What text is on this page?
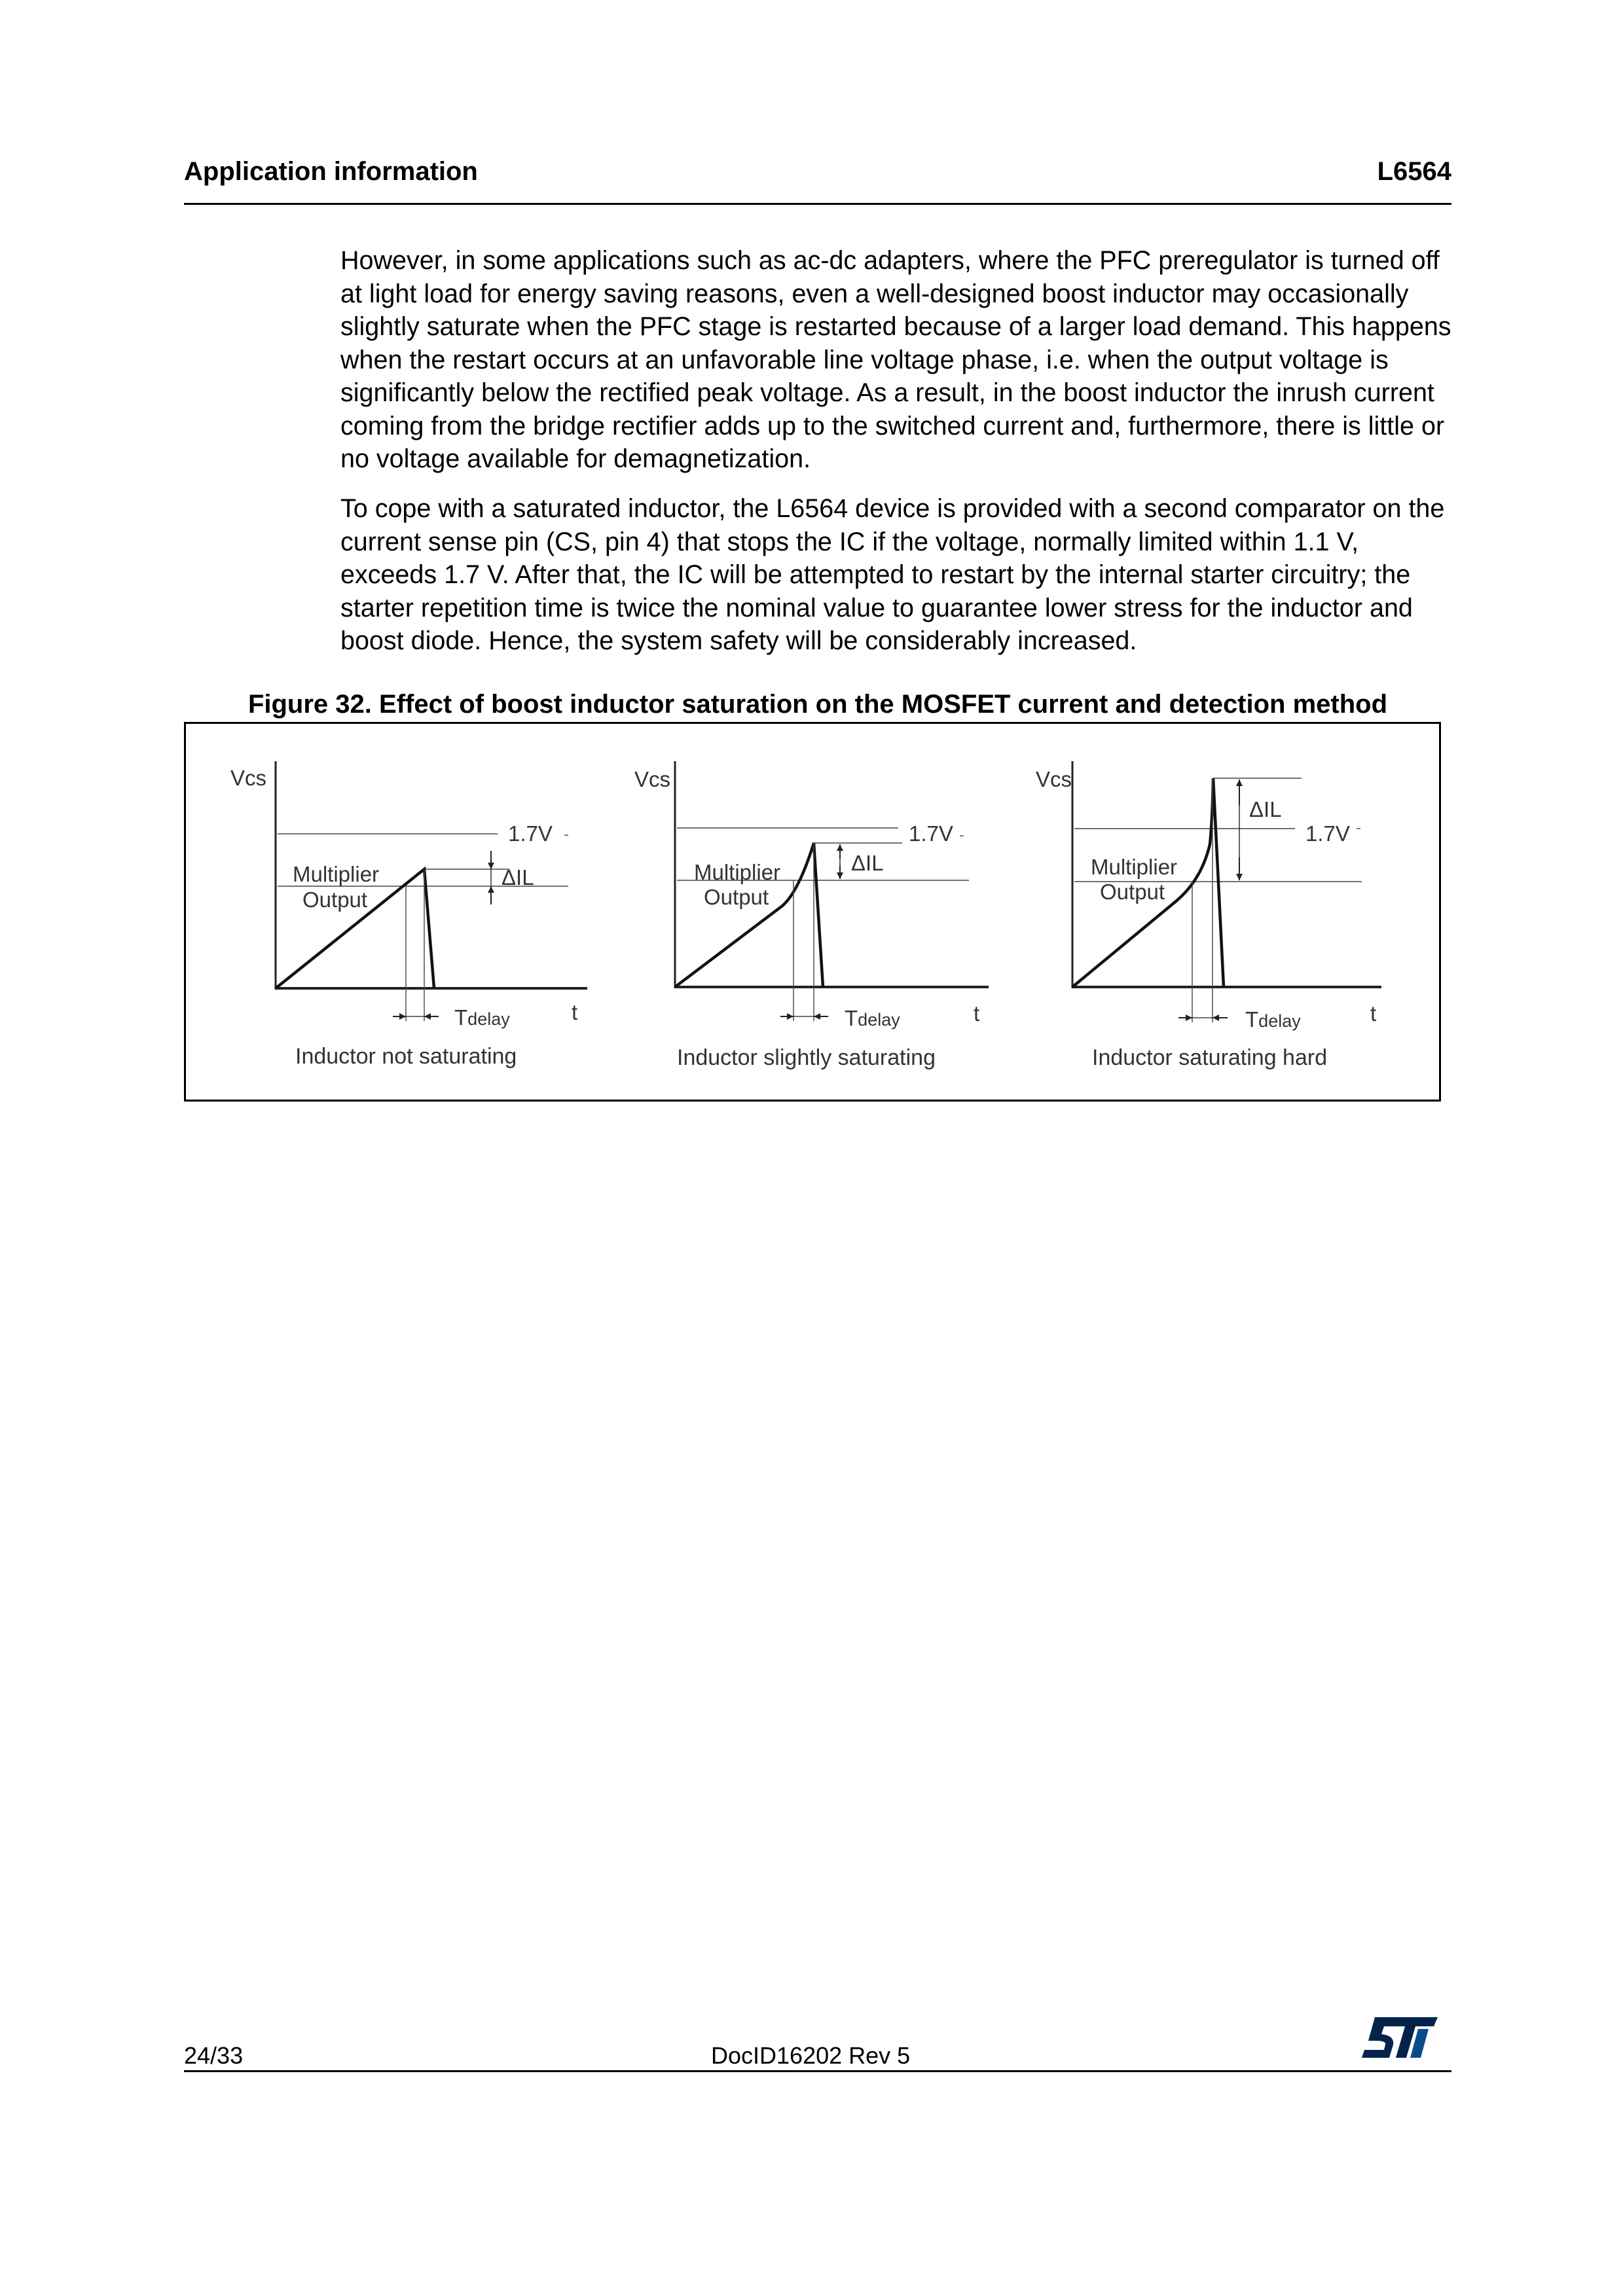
Application information	L6564

However, in some applications such as ac-dc adapters, where the PFC preregulator is turned off at light load for energy saving reasons, even a well-designed boost inductor may occasionally slightly saturate when the PFC stage is restarted because of a larger load demand. This happens when the restart occurs at an unfavorable line voltage phase, i.e. when the output voltage is significantly below the rectified peak voltage. As a result, in the boost inductor the inrush current coming from the bridge rectifier adds up to the switched current and, furthermore, there is little or no voltage available for demagnetization.

To cope with a saturated inductor, the L6564 device is provided with a second comparator on the current sense pin (CS, pin 4) that stops the IC if the voltage, normally limited within 1.1 V, exceeds 1.7 V. After that, the IC will be attempted to restart by the internal starter circuitry; the starter repetition time is twice the nominal value to guarantee lower stress for the inductor and boost diode. Hence, the system safety will be considerably increased.

Figure 32. Effect of boost inductor saturation on the MOSFET current and detection method
Vcs
t
1.7V
Multiplier
Output
Tdelay
ΔIL
Inductor not saturating
Vcs
t
1.7V
Multiplier
Output
Tdelay
ΔIL
Inductor slightly saturating
Vcs
t
1.7V
Multiplier
Output
Tdelay
ΔIL
Inductor saturating hard
24/33	DocID16202 Rev 5
